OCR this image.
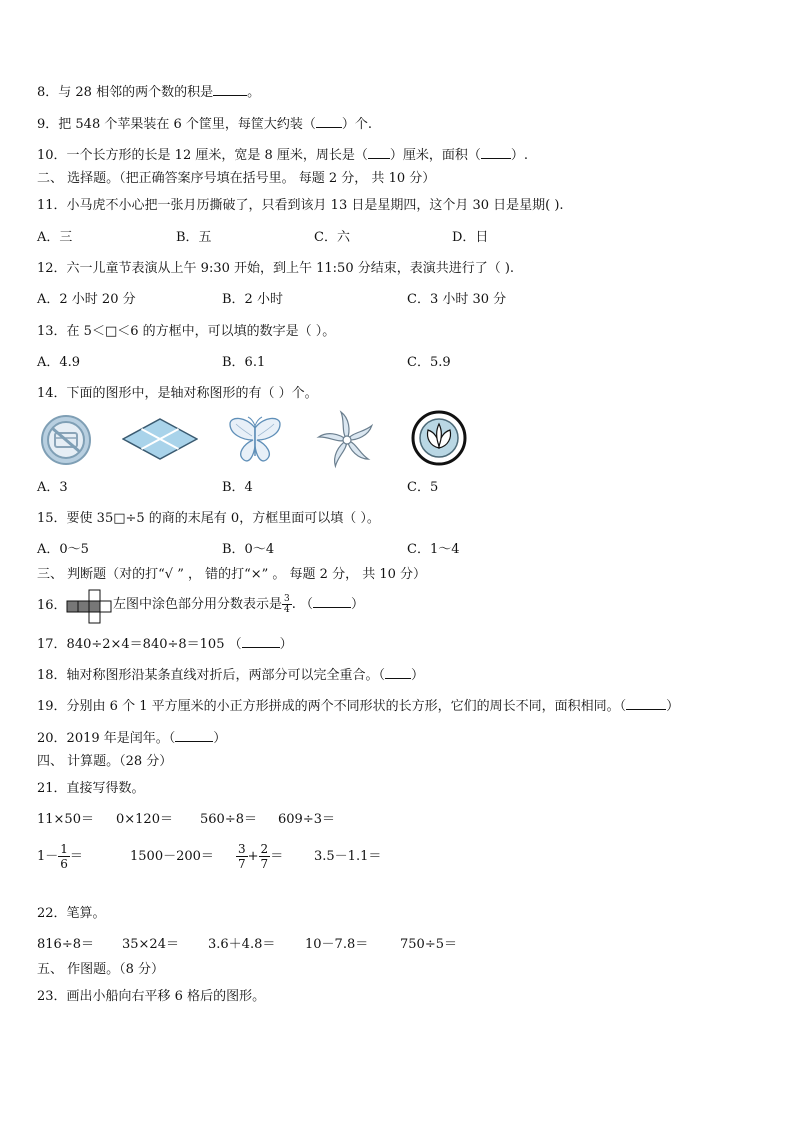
8．与 28 相邻的两个数的积是	。
9．把 548 个苹果装在 6 个筐里，每筐大约装（ ）个.
10．一个长方形的长是 12 厘米，宽是 8 厘米，周长是（ ）厘米，面积（ ）.
二、 选择题。（把正确答案序号填在括号里。 每题 2 分， 共 10 分）
11．小马虎不小心把一张月历撕破了，只看到该月 13 日是星期四，这个月 30 日是星期( ).
A．三	B．五	C．六	D．日
12．六一儿童节表演从上午 9:30 开始，到上午 11:50 分结束，表演共进行了（ ).
A．2 小时 20 分	B．2 小时	C．3 小时 30 分
13．在 5＜□＜6 的方框中，可以填的数字是（ ）。
A．4.9	B．6.1	C．5.9
14．下面的图形中，是轴对称图形的有（ ）个。
A．3	B．4	C．5
15．要使 35□÷5 的商的末尾有 0，方框里面可以填（ ）。
A．0～5	B．0～4	C．1～4
三、 判断题（对的打“√ ” ， 错的打“×” 。 每题 2 分， 共 10 分）
16．	左图中涂色部分用分数表示是 $\frac{3}{4}$ . （	）
17．840÷2×4＝840÷8＝105 （	）
18．轴对称图形沿某条直线对折后，两部分可以完全重合。（ ）
19．分别由 6 个 1 平方厘米的小正方形拼成的两个不同形状的长方形，它们的周长不同，面积相同。（	）
20．2019 年是闰年。（	）
四、 计算题。（28 分）
21．直接写得数。
11×50＝ 0×120＝ 560÷8＝ 609÷3＝
$1- \frac{1}{6}$ ＝	$1500-200= \frac{3}{7} + \frac{2}{7} = 3.5-1.1=$
22．笔算。
816÷8＝ 35×24＝ 3.6＋4.8＝ 10－7.8＝ 750÷5＝
五、 作图题。（8 分）
23．画出小船向右平移 6 格后的图形。
